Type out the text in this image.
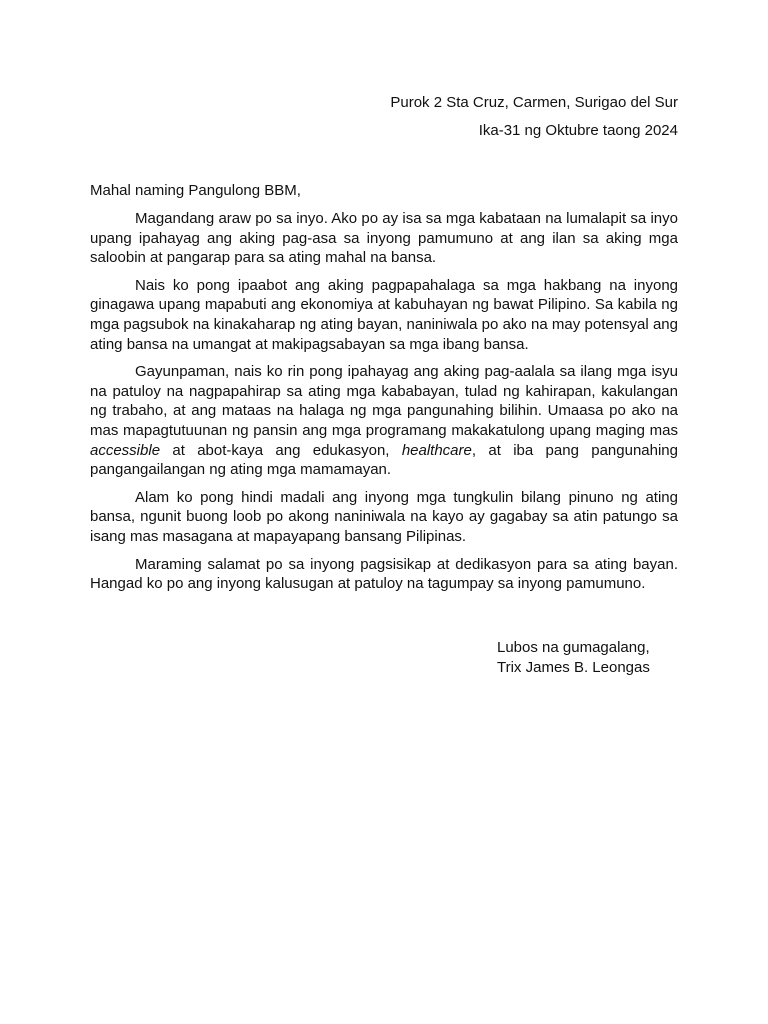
Purok 2 Sta Cruz, Carmen, Surigao del Sur
Ika-31 ng Oktubre taong 2024
Mahal naming Pangulong BBM,

Magandang araw po sa inyo. Ako po ay isa sa mga kabataan na lumalapit sa inyo upang ipahayag ang aking pag-asa sa inyong pamumuno at ang ilan sa aking mga saloobin at pangarap para sa ating mahal na bansa.

Nais ko pong ipaabot ang aking pagpapahalaga sa mga hakbang na inyong ginagawa upang mapabuti ang ekonomiya at kabuhayan ng bawat Pilipino. Sa kabila ng mga pagsubok na kinakaharap ng ating bayan, naniniwala po ako na may potensyal ang ating bansa na umangat at makipagsabayan sa mga ibang bansa.

Gayunpaman, nais ko rin pong ipahayag ang aking pag-aalala sa ilang mga isyu na patuloy na nagpapahirap sa ating mga kababayan, tulad ng kahirapan, kakulangan ng trabaho, at ang mataas na halaga ng mga pangunahing bilihin. Umaasa po ako na mas mapagtutuunan ng pansin ang mga programang makakatulong upang maging mas accessible at abot-kaya ang edukasyon, healthcare, at iba pang pangunahing pangangailangan ng ating mga mamamayan.

Alam ko pong hindi madali ang inyong mga tungkulin bilang pinuno ng ating bansa, ngunit buong loob po akong naniniwala na kayo ay gagabay sa atin patungo sa isang mas masagana at mapayapang bansang Pilipinas.

Maraming salamat po sa inyong pagsisikap at dedikasyon para sa ating bayan. Hangad ko po ang inyong kalusugan at patuloy na tagumpay sa inyong pamumuno.

Lubos na gumagalang,
Trix James B. Leongas
